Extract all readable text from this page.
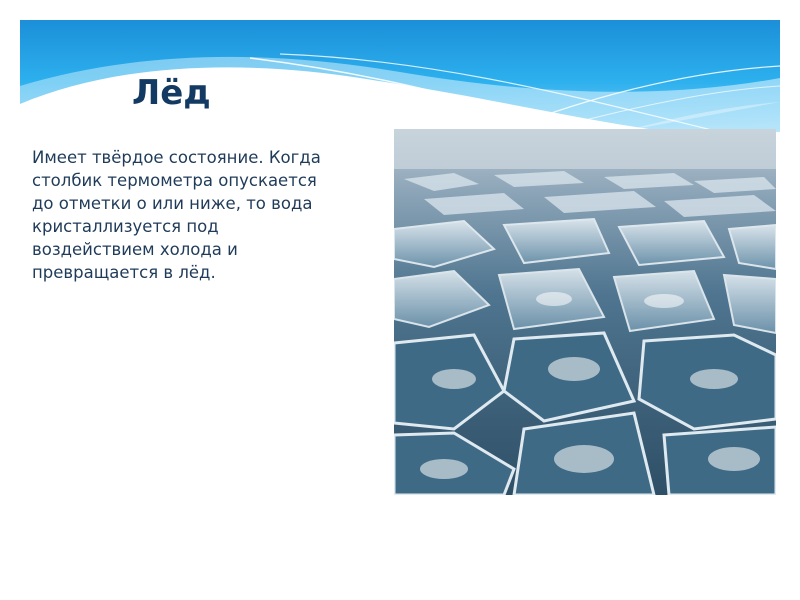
Лёд

Имеет твёрдое состояние. Когда
столбик термометра опускается
до отметки о или ниже, то вода
кристаллизуется под
воздействием холода и
превращается в лёд.
